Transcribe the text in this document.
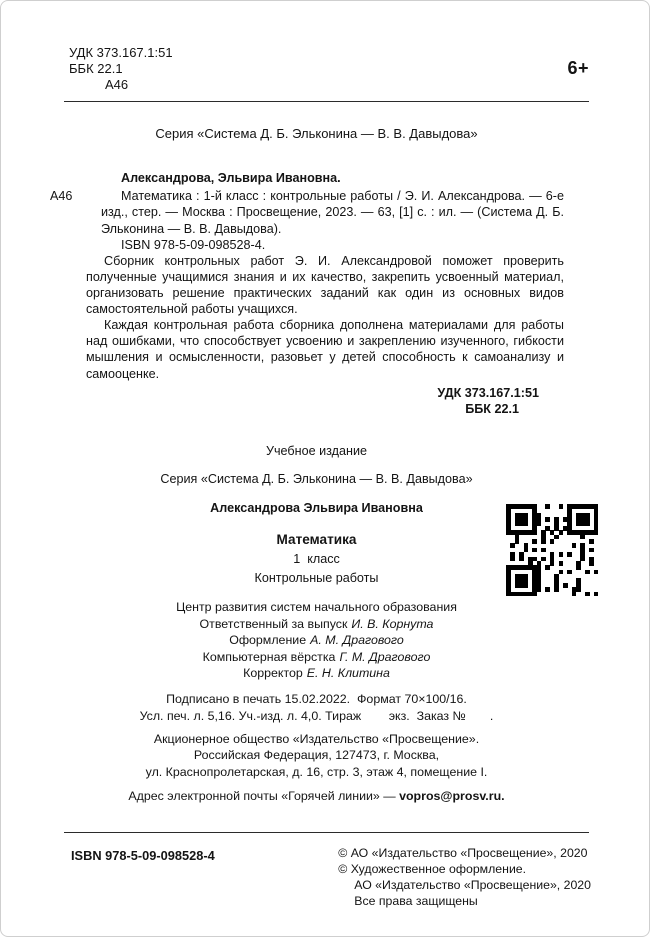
УДК 373.167.1:51
ББК 22.1
А46
6+
Серия «Система Д. Б. Эльконина — В. В. Давыдова»
Александрова, Эльвира Ивановна.

А46	Математика : 1-й класс : контрольные работы / Э. И. Александрова. — 6-е изд., стер. — Москва : Просвещение, 2023. — 63, [1] с. : ил. — (Система Д. Б. Эльконина — В. В. Давыдова).

ISBN 978-5-09-098528-4.

Сборник контрольных работ Э. И. Александровой поможет проверить полученные учащимися знания и их качество, закрепить усвоенный материал, организовать решение практических заданий как один из основных видов самостоятельной работы учащихся.

Каждая контрольная работа сборника дополнена материалами для работы над ошибками, что способствует усвоению и закреплению изученного, гибкости мышления и осмысленности, разовьет у детей способность к самоанализу и самооценке.

УДК 373.167.1:51
ББК 22.1
Учебное издание
Серия «Система Д. Б. Эльконина — В. В. Давыдова»
Александрова Эльвира Ивановна
Математика
1  класс
Контрольные работы
Центр развития систем начального образования
Ответственный за выпуск И. В. Корнута
Оформление А. М. Драгового
Компьютерная вёрстка Г. М. Драгового
Корректор Е. Н. Клитина
Подписано в печать 15.02.2022.  Формат 70×100/16.
Усл. печ. л. 5,16. Уч.-изд. л. 4,0. Тираж        экз.  Заказ №       .
Акционерное общество «Издательство «Просвещение».
Российская Федерация, 127473, г. Москва,
ул. Краснопролетарская, д. 16, стр. 3, этаж 4, помещение I.
Адрес электронной почты «Горячей линии» — vopros@prosv.ru.
ISBN 978-5-09-098528-4	© АО «Издательство «Просвещение», 2020
© Художественное оформление.
АО «Издательство «Просвещение», 2020
Все права защищены
